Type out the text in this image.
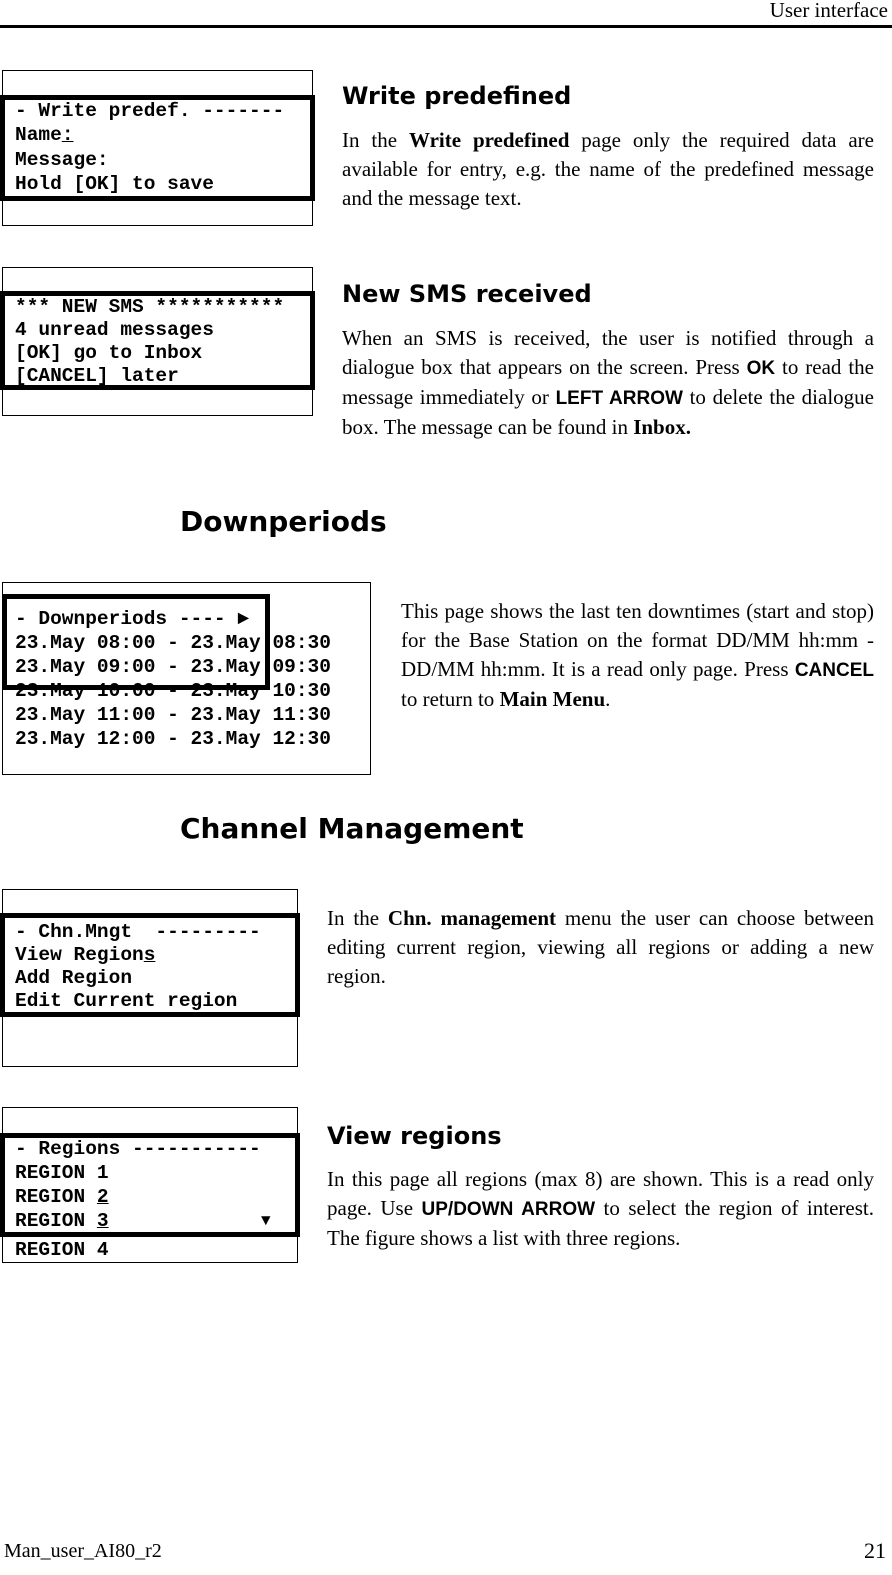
User interface
Man_user_AI80_r2	21
- Write predef. -------
Name:
Message:
Hold [OK] to save
Write predefined
In the Write predefined page only the required data are available for entry, e.g. the name of the predefined message and the message text.
*** NEW SMS ***********
4 unread messages
[OK] go to Inbox
[CANCEL] later
New SMS received
When an SMS is received, the user is notified through a dialogue box that appears on the screen. Press OK to read the message immediately or LEFT ARROW to delete the dialogue box. The message can be found in Inbox.
Downperiods
- Downperiods ---- ►
23.May 08:00 - 23.May 08:30
23.May 09:00 - 23.May 09:30
23.May 10:00 - 23.May 10:30
23.May 11:00 - 23.May 11:30
23.May 12:00 - 23.May 12:30
This page shows the last ten downtimes (start and stop) for the Base Station on the format DD/MM hh:mm - DD/MM hh:mm. It is a read only page. Press CANCEL to return to Main Menu.
Channel Management
- Chn.Mngt  ---------
View Regions
Add Region
Edit Current region
In the Chn. management menu the user can choose between editing current region, viewing all regions or adding a new region.
- Regions -----------
REGION 1
REGION 2
REGION 3	▼
REGION 4
View regions
In this page all regions (max 8) are shown. This is a read only page. Use UP/DOWN ARROW to select the region of interest. The figure shows a list with three regions.
